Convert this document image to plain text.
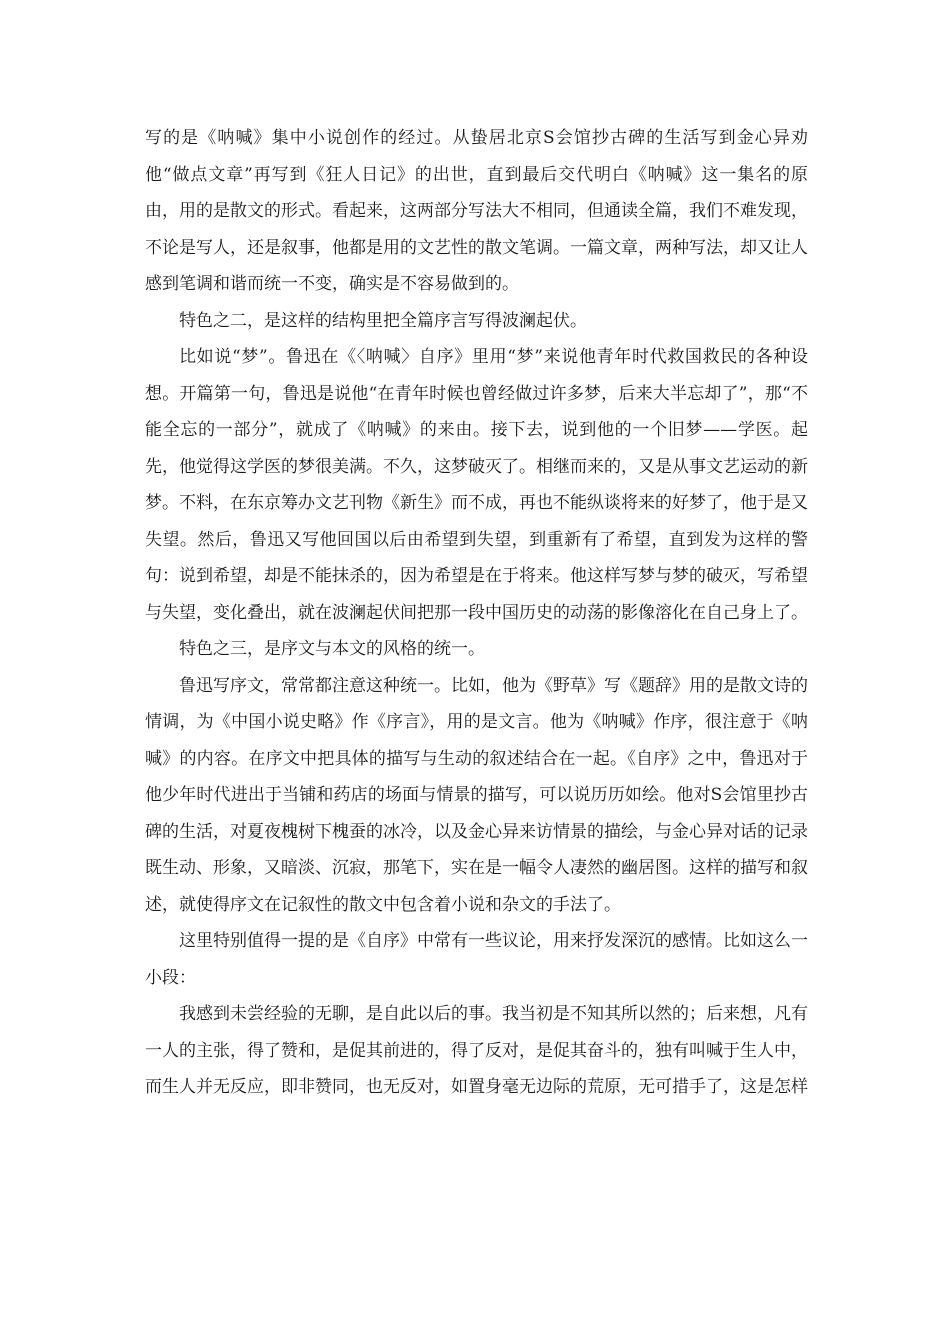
写的是《呐喊》集中小说创作的经过。从蛰居北京S会馆抄古碑的生活写到金心异劝他“做点文章”再写到《狂人日记》的出世，直到最后交代明白《呐喊》这一集名的原由，用的是散文的形式。看起来，这两部分写法大不相同，但通读全篇，我们不难发现，不论是写人，还是叙事，他都是用的文艺性的散文笔调。一篇文章，两种写法，却又让人感到笔调和谐而统一不变，确实是不容易做到的。

特色之二，是这样的结构里把全篇序言写得波澜起伏。

比如说“梦”。鲁迅在《〈呐喊〉自序》里用“梦”来说他青年时代救国救民的各种设想。开篇第一句，鲁迅是说他“在青年时候也曾经做过许多梦，后来大半忘却了”，那“不能全忘的一部分”，就成了《呐喊》的来由。接下去，说到他的一个旧梦——学医。起先，他觉得这学医的梦很美满。不久，这梦破灭了。相继而来的，又是从事文艺运动的新梦。不料，在东京筹办文艺刊物《新生》而不成，再也不能纵谈将来的好梦了，他于是又失望。然后，鲁迅又写他回国以后由希望到失望，到重新有了希望，直到发为这样的警句：说到希望，却是不能抹杀的，因为希望是在于将来。他这样写梦与梦的破灭，写希望与失望，变化叠出，就在波澜起伏间把那一段中国历史的动荡的影像溶化在自己身上了。

特色之三，是序文与本文的风格的统一。

鲁迅写序文，常常都注意这种统一。比如，他为《野草》写《题辞》用的是散文诗的情调，为《中国小说史略》作《序言》，用的是文言。他为《呐喊》作序，很注意于《呐喊》的内容。在序文中把具体的描写与生动的叙述结合在一起。《自序》之中，鲁迅对于他少年时代进出于当铺和药店的场面与情景的描写，可以说历历如绘。他对S会馆里抄古碑的生活，对夏夜槐树下槐蚕的冰冷，以及金心异来访情景的描绘，与金心异对话的记录既生动、形象，又暗淡、沉寂，那笔下，实在是一幅令人凄然的幽居图。这样的描写和叙述，就使得序文在记叙性的散文中包含着小说和杂文的手法了。

这里特别值得一提的是《自序》中常有一些议论，用来抒发深沉的感情。比如这么一小段：

我感到未尝经验的无聊，是自此以后的事。我当初是不知其所以然的；后来想，凡有一人的主张，得了赞和，是促其前进的，得了反对，是促其奋斗的，独有叫喊于生人中，而生人并无反应，即非赞同，也无反对，如置身毫无边际的荒原，无可措手了，这是怎样
